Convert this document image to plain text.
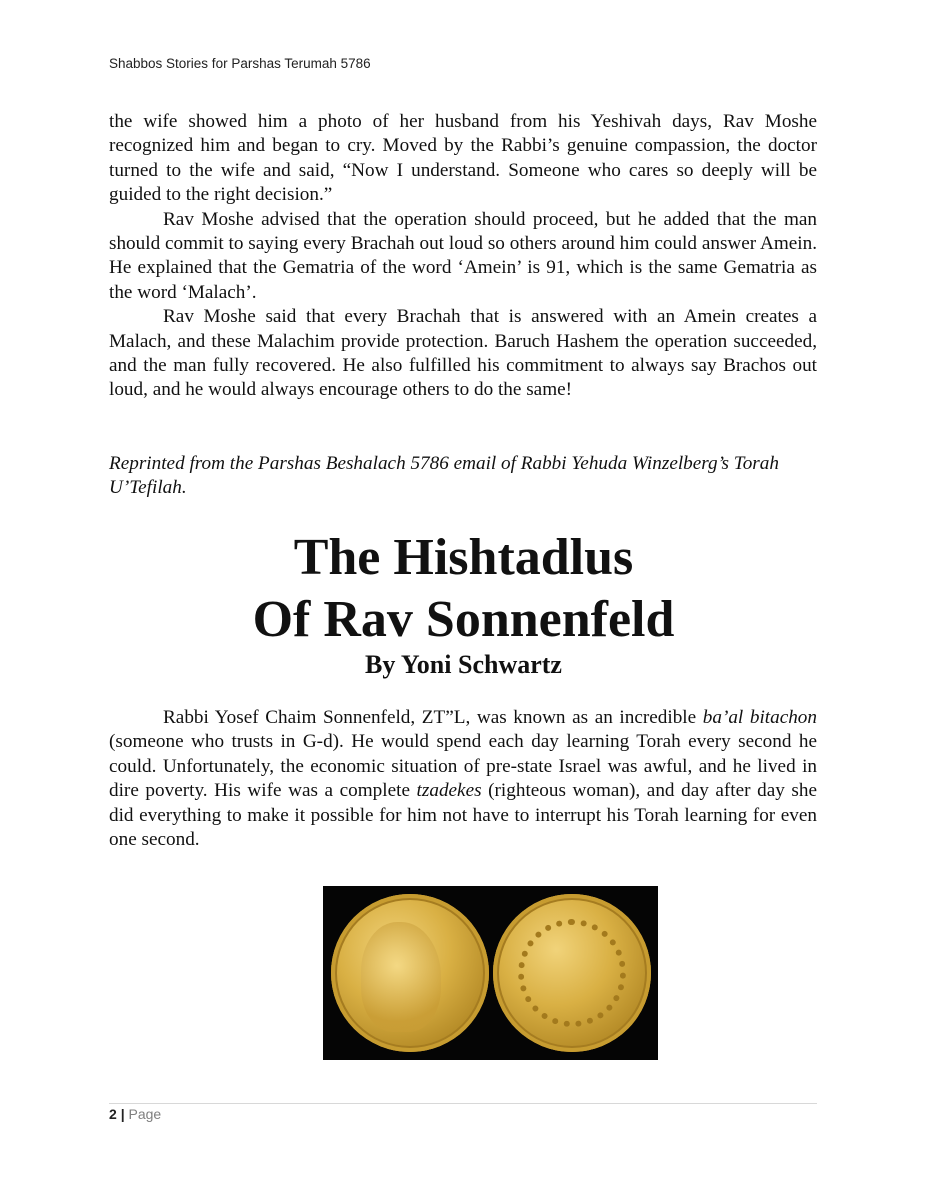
Shabbos Stories for Parshas Terumah 5786

the wife showed him a photo of her husband from his Yeshivah days, Rav Moshe recognized him and began to cry. Moved by the Rabbi’s genuine compassion, the doctor turned to the wife and said, “Now I understand. Someone who cares so deeply will be guided to the right decision.”

Rav Moshe advised that the operation should proceed, but he added that the man should commit to saying every Brachah out loud so others around him could answer Amein. He explained that the Gematria of the word ‘Amein’ is 91, which is the same Gematria as the word ‘Malach’.

Rav Moshe said that every Brachah that is answered with an Amein creates a Malach, and these Malachim provide protection. Baruch Hashem the operation succeeded, and the man fully recovered. He also fulfilled his commitment to always say Brachos out loud, and he would always encourage others to do the same!

Reprinted from the Parshas Beshalach 5786 email of Rabbi Yehuda Winzelberg’s Torah U’Tefilah.
The Hishtadlus
Of Rav Sonnenfeld
By Yoni Schwartz

Rabbi Yosef Chaim Sonnenfeld, ZT”L, was known as an incredible ba’al bitachon (someone who trusts in G-d). He would spend each day learning Torah every second he could. Unfortunately, the economic situation of pre-state Israel was awful, and he lived in dire poverty. His wife was a complete tzadekes (righteous woman), and day after day she did everything to make it possible for him not have to interrupt his Torah learning for even one second.

2 | Page
